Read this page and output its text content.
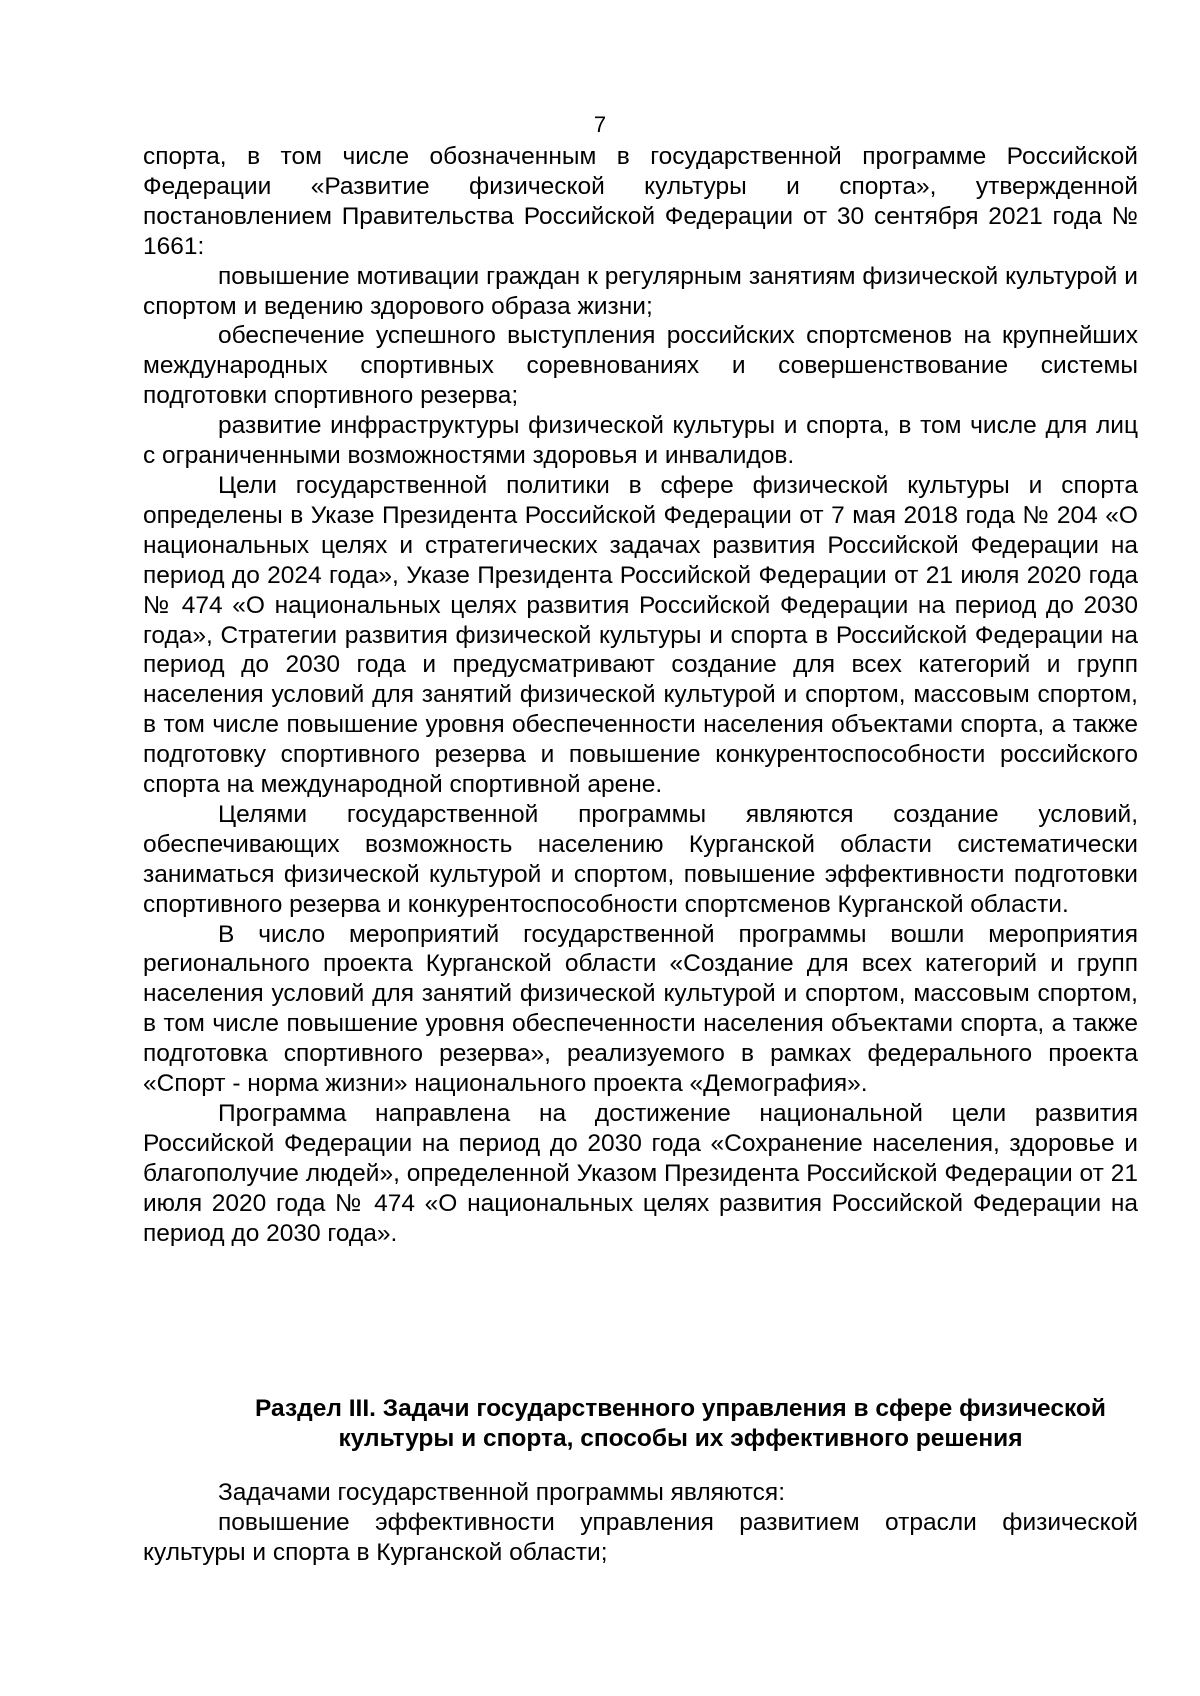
7

спорта, в том числе обозначенным в государственной программе Российской Федерации «Развитие физической культуры и спорта», утвержденной постановлением Правительства Российской Федерации от 30 сентября 2021 года № 1661:

повышение мотивации граждан к регулярным занятиям физической культурой и спортом и ведению здорового образа жизни;

обеспечение успешного выступления российских спортсменов на крупнейших международных спортивных соревнованиях и совершенствование системы подготовки спортивного резерва;

развитие инфраструктуры физической культуры и спорта, в том числе для лиц с ограниченными возможностями здоровья и инвалидов.

Цели государственной политики в сфере физической культуры и спорта определены в Указе Президента Российской Федерации от 7 мая 2018 года № 204 «О национальных целях и стратегических задачах развития Российской Федерации на период до 2024 года», Указе Президента Российской Федерации от 21 июля 2020 года № 474 «О национальных целях развития Российской Федерации на период до 2030 года», Стратегии развития физической культуры и спорта в Российской Федерации на период до 2030 года и предусматривают создание для всех категорий и групп населения условий для занятий физической культурой и спортом, массовым спортом, в том числе повышение уровня обеспеченности населения объектами спорта, а также подготовку спортивного резерва и повышение конкурентоспособности российского спорта на международной спортивной арене.

Целями государственной программы являются создание условий, обеспечивающих возможность населению Курганской области систематически заниматься физической культурой и спортом, повышение эффективности подготовки спортивного резерва и конкурентоспособности спортсменов Курганской области.

В число мероприятий государственной программы вошли мероприятия регионального проекта Курганской области «Создание для всех категорий и групп населения условий для занятий физической культурой и спортом, массовым спортом, в том числе повышение уровня обеспеченности населения объектами спорта, а также подготовка спортивного резерва», реализуемого в рамках федерального проекта «Спорт - норма жизни» национального проекта «Демография».

Программа направлена на достижение национальной цели развития Российской Федерации на период до 2030 года «Сохранение населения, здоровье и благополучие людей», определенной Указом Президента Российской Федерации от 21 июля 2020 года № 474 «О национальных целях развития Российской Федерации на период до 2030 года».

Раздел III. Задачи государственного управления в сфере физической
культуры и спорта, способы их эффективного решения

Задачами государственной программы являются:

повышение эффективности управления развитием отрасли физической культуры и спорта в Курганской области;
